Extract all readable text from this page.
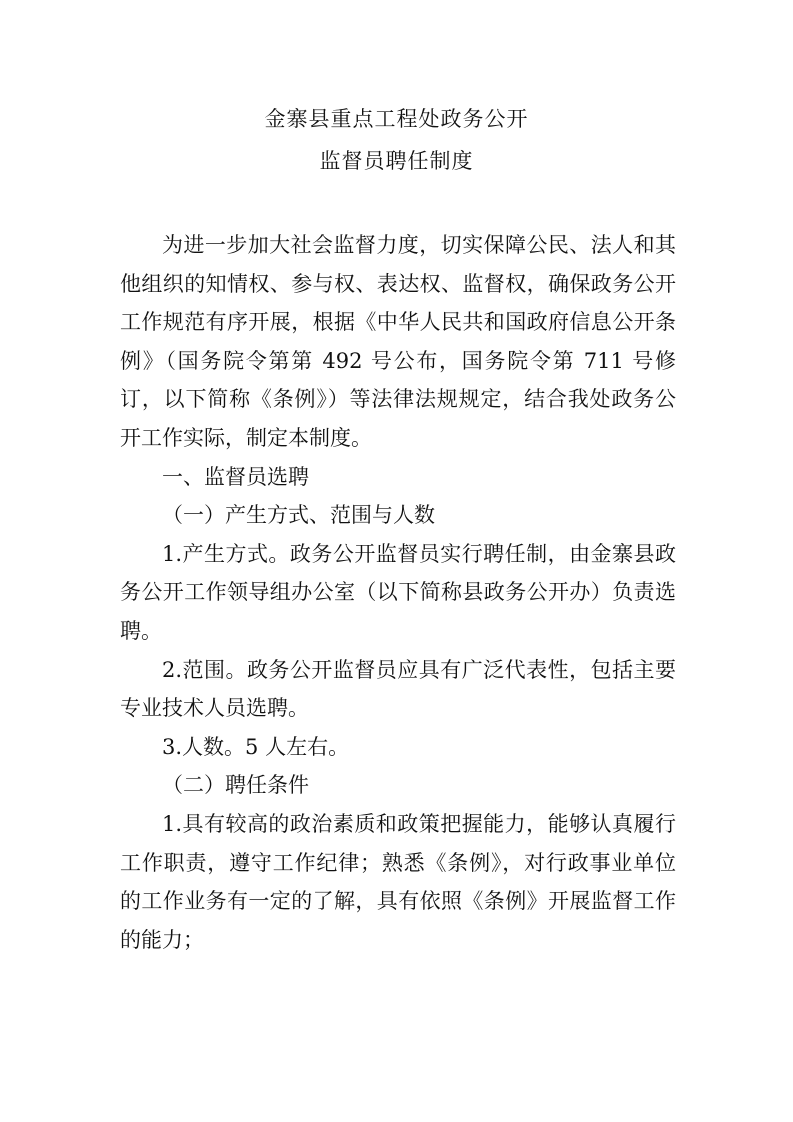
金寨县重点工程处政务公开

监督员聘任制度

为进一步加大社会监督力度，切实保障公民、法人和其他组织的知情权、参与权、表达权、监督权，确保政务公开工作规范有序开展，根据《中华人民共和国政府信息公开条例》（国务院令第第 492 号公布，国务院令第 711 号修订，以下简称《条例》）等法律法规规定，结合我处政务公开工作实际，制定本制度。

一、监督员选聘

（一）产生方式、范围与人数

1.产生方式。政务公开监督员实行聘任制，由金寨县政务公开工作领导组办公室（以下简称县政务公开办）负责选聘。

2.范围。政务公开监督员应具有广泛代表性，包括主要专业技术人员选聘。

3.人数。5 人左右。

（二）聘任条件

1.具有较高的政治素质和政策把握能力，能够认真履行工作职责，遵守工作纪律；熟悉《条例》，对行政事业单位的工作业务有一定的了解，具有依照《条例》开展监督工作的能力；
